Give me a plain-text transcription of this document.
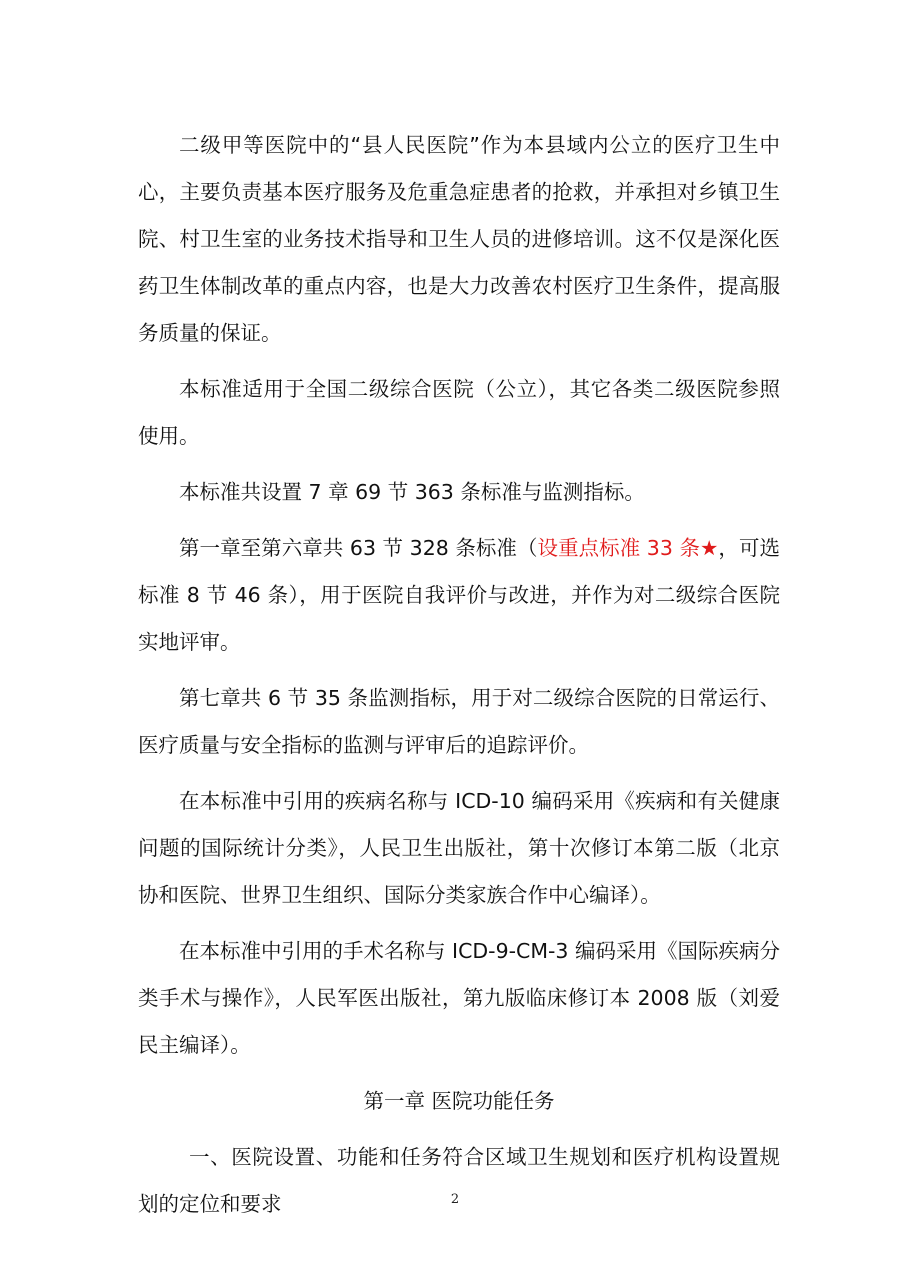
二级甲等医院中的“县人民医院”作为本县域内公立的医疗卫生中心，主要负责基本医疗服务及危重急症患者的抢救，并承担对乡镇卫生院、村卫生室的业务技术指导和卫生人员的进修培训。这不仅是深化医药卫生体制改革的重点内容，也是大力改善农村医疗卫生条件，提高服务质量的保证。

本标准适用于全国二级综合医院（公立），其它各类二级医院参照使用。

本标准共设置 7 章 69 节 363 条标准与监测指标。

第一章至第六章共 63 节 328 条标准（设重点标准 33 条★，可选标准 8 节 46 条），用于医院自我评价与改进，并作为对二级综合医院实地评审。

第七章共 6 节 35 条监测指标，用于对二级综合医院的日常运行、医疗质量与安全指标的监测与评审后的追踪评价。

在本标准中引用的疾病名称与 ICD-10 编码采用《疾病和有关健康问题的国际统计分类》，人民卫生出版社，第十次修订本第二版（北京协和医院、世界卫生组织、国际分类家族合作中心编译）。

在本标准中引用的手术名称与 ICD-9-CM-3 编码采用《国际疾病分类手术与操作》，人民军医出版社，第九版临床修订本 2008 版（刘爱民主编译）。

第一章 医院功能任务

一、医院设置、功能和任务符合区域卫生规划和医疗机构设置规划的定位和要求	2
